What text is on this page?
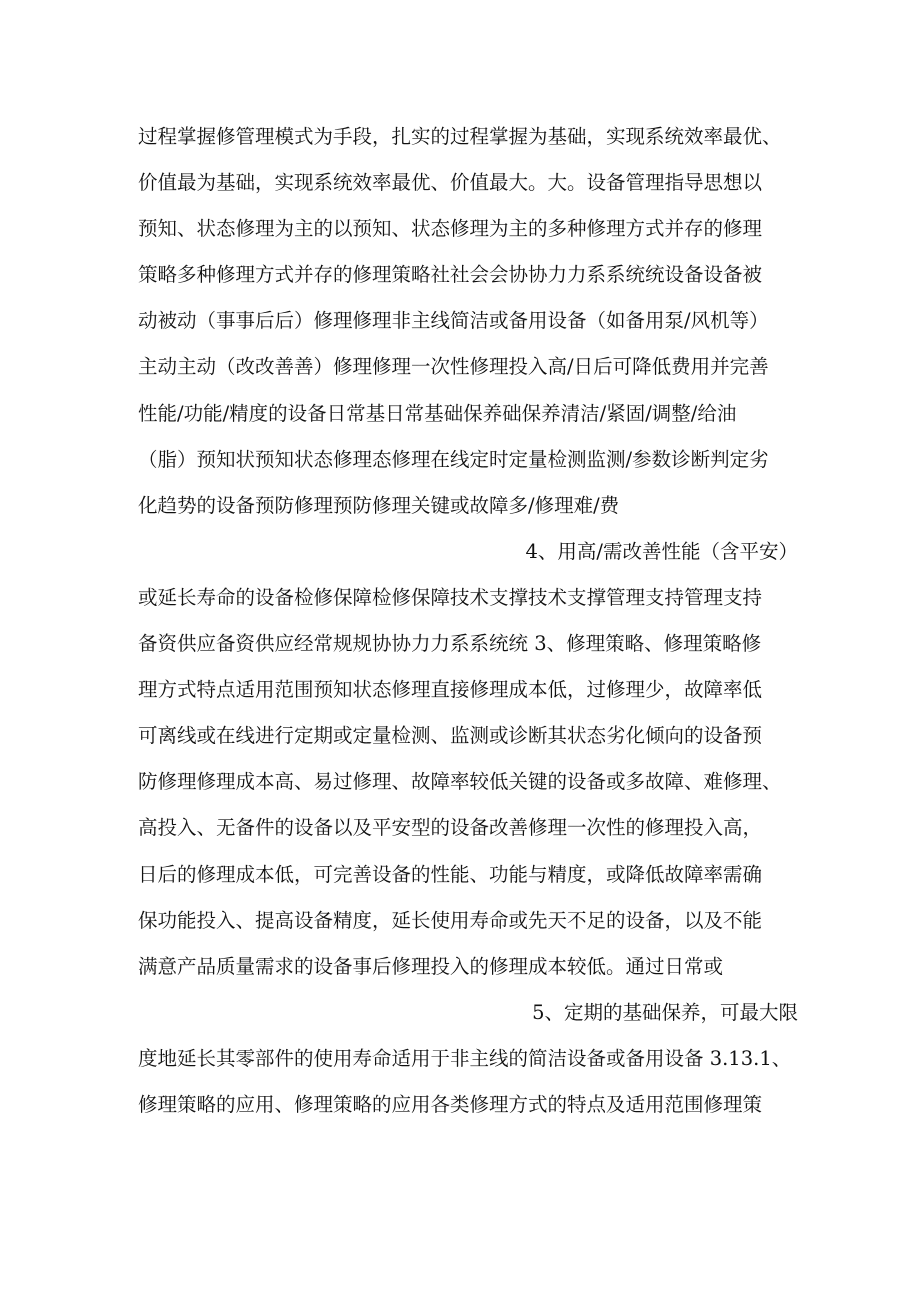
过程掌握修管理模式为手段，扎实的过程掌握为基础，实现系统效率最优、
价值最为基础，实现系统效率最优、价值最大。大。设备管理指导思想以
预知、状态修理为主的以预知、状态修理为主的多种修理方式并存的修理
策略多种修理方式并存的修理策略社社会会协协力力系系统统设备设备被
动被动（事事后后）修理修理非主线简洁或备用设备（如备用泵/风机等）
主动主动（改改善善）修理修理一次性修理投入高/日后可降低费用并完善
性能/功能/精度的设备日常基日常基础保养础保养清洁/紧固/调整/给油
（脂）预知状预知状态修理态修理在线定时定量检测监测/参数诊断判定劣
化趋势的设备预防修理预防修理关键或故障多/修理难/费
4、用高/需改善性能（含平安）
或延长寿命的设备检修保障检修保障技术支撑技术支撑管理支持管理支持
备资供应备资供应经常规规协协力力系系统统 3、修理策略、修理策略修
理方式特点适用范围预知状态修理直接修理成本低，过修理少，故障率低
可离线或在线进行定期或定量检测、监测或诊断其状态劣化倾向的设备预
防修理修理成本高、易过修理、故障率较低关键的设备或多故障、难修理、
高投入、无备件的设备以及平安型的设备改善修理一次性的修理投入高，
日后的修理成本低，可完善设备的性能、功能与精度，或降低故障率需确
保功能投入、提高设备精度，延长使用寿命或先天不足的设备，以及不能
满意产品质量需求的设备事后修理投入的修理成本较低。通过日常或
5、定期的基础保养，可最大限
度地延长其零部件的使用寿命适用于非主线的简洁设备或备用设备 3.13.1、
修理策略的应用、修理策略的应用各类修理方式的特点及适用范围修理策
